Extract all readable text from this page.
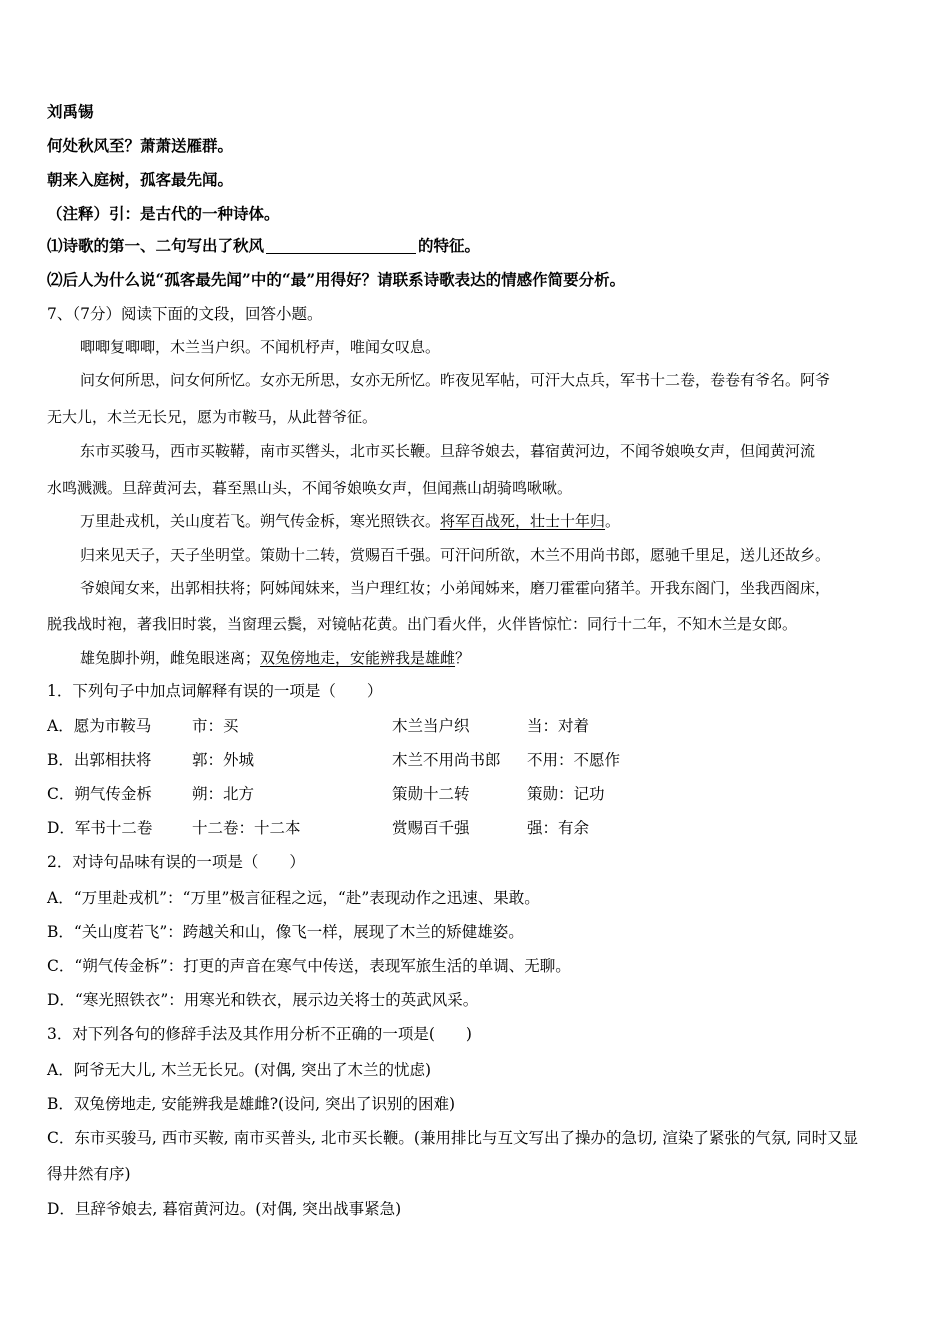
刘禹锡
何处秋风至？萧萧送雁群。
朝来入庭树，孤客最先闻。
（注释）引：是古代的一种诗体。
⑴诗歌的第一、二句写出了秋风	的特征。
⑵后人为什么说“孤客最先闻”中的“最”用得好？请联系诗歌表达的情感作简要分析。
7、（7分）阅读下面的文段，回答小题。
唧唧复唧唧，木兰当户织。不闻机杼声，唯闻女叹息。
问女何所思，问女何所忆。女亦无所思，女亦无所忆。昨夜见军帖，可汗大点兵，军书十二卷，卷卷有爷名。阿爷
无大儿，木兰无长兄，愿为市鞍马，从此替爷征。
东市买骏马，西市买鞍鞯，南市买辔头，北市买长鞭。旦辞爷娘去，暮宿黄河边，不闻爷娘唤女声，但闻黄河流
水鸣溅溅。旦辞黄河去，暮至黑山头，不闻爷娘唤女声，但闻燕山胡骑鸣啾啾。
万里赴戎机，关山度若飞。朔气传金柝，寒光照铁衣。将军百战死，壮士十年归。
归来见天子，天子坐明堂。策勋十二转，赏赐百千强。可汗问所欲，木兰不用尚书郎，愿驰千里足，送儿还故乡。
爷娘闻女来，出郭相扶将；阿姊闻妹来，当户理红妆；小弟闻姊来，磨刀霍霍向猪羊。开我东阁门，坐我西阁床，
脱我战时袍，著我旧时裳，当窗理云鬓，对镜帖花黄。出门看火伴，火伴皆惊忙：同行十二年，不知木兰是女郎。
雄兔脚扑朔，雌兔眼迷离；双兔傍地走，安能辨我是雄雌？
1．下列句子中加点词解释有误的一项是（　　）
A．愿为市鞍马	市：买	木兰当户织	当：对着
B．出郭相扶将	郭：外城	木兰不用尚书郎 不用：不愿作
C．朔气传金柝	朔：北方	策勋十二转	策勋：记功
D．军书十二卷	十二卷：十二本	赏赐百千强	强：有余
2．对诗句品味有误的一项是（　　）
A．“万里赴戎机”：“万里”极言征程之远，“赴”表现动作之迅速、果敢。
B．“关山度若飞”：跨越关和山，像飞一样，展现了木兰的矫健雄姿。
C．“朔气传金柝”：打更的声音在寒气中传送，表现军旅生活的单调、无聊。
D．“寒光照铁衣”：用寒光和铁衣，展示边关将士的英武风采。
3．对下列各句的修辞手法及其作用分析不正确的一项是(　　)
A．阿爷无大儿, 木兰无长兄。(对偶, 突出了木兰的忧虑)
B．双兔傍地走, 安能辨我是雄雌?(设问, 突出了识别的困难)
C．东市买骏马, 西市买鞍, 南市买普头, 北市买长鞭。(兼用排比与互文写出了操办的急切, 渲染了紧张的气氛, 同时又显
得井然有序)
D．旦辞爷娘去, 暮宿黄河边。(对偶, 突出战事紧急)
